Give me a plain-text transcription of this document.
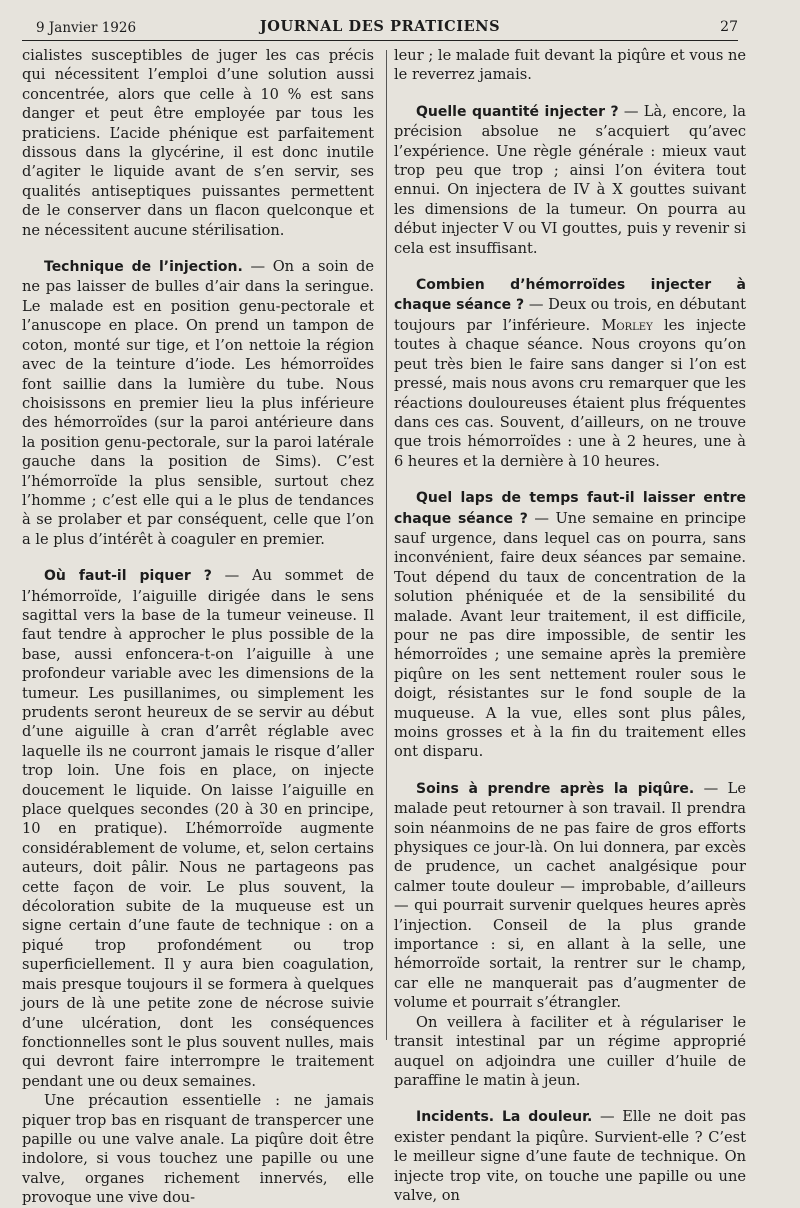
9 Janvier 1926	JOURNAL DES PRATICIENS	27

cialistes susceptibles de juger les cas précis qui nécessitent l’emploi d’une solution aussi concentrée, alors que celle à 10 % est sans danger et peut être employée par tous les praticiens. L’acide phénique est parfaitement dissous dans la glycérine, il est donc inutile d’agiter le liquide avant de s’en servir, ses qualités antiseptiques puissantes permettent de le conserver dans un flacon quelconque et ne nécessitent aucune stérilisation.

Technique de l’injection. — On a soin de ne pas laisser de bulles d’air dans la seringue. Le malade est en position genu-pectorale et l’anuscope en place. On prend un tampon de coton, monté sur tige, et l’on nettoie la région avec de la teinture d’iode. Les hémorroïdes font saillie dans la lumière du tube. Nous choisissons en premier lieu la plus inférieure des hémorroïdes (sur la paroi antérieure dans la position genu-pectorale, sur la paroi latérale gauche dans la position de Sims). C’est l’hémorroïde la plus sensible, surtout chez l’homme ; c’est elle qui a le plus de tendances à se prolaber et par conséquent, celle que l’on a le plus d’intérêt à coaguler en premier.

Où faut-il piquer ? — Au sommet de l’hémorroïde, l’aiguille dirigée dans le sens sagittal vers la base de la tumeur veineuse. Il faut tendre à approcher le plus possible de la base, aussi enfoncera-t-on l’aiguille à une profondeur variable avec les dimensions de la tumeur. Les pusillanimes, ou simplement les prudents seront heureux de se servir au début d’une aiguille à cran d’arrêt réglable avec laquelle ils ne courront jamais le risque d’aller trop loin. Une fois en place, on injecte doucement le liquide. On laisse l’aiguille en place quelques secondes (20 à 30 en principe, 10 en pratique). L’hémorroïde augmente considérablement de volume, et, selon certains auteurs, doit pâlir. Nous ne partageons pas cette façon de voir. Le plus souvent, la décoloration subite de la muqueuse est un signe certain d’une faute de technique : on a piqué trop profondément ou trop superficiellement. Il y aura bien coagulation, mais presque toujours il se formera à quelques jours de là une petite zone de nécrose suivie d’une ulcération, dont les conséquences fonctionnelles sont le plus souvent nulles, mais qui devront faire interrompre le traitement pendant une ou deux semaines.

Une précaution essentielle : ne jamais piquer trop bas en risquant de transpercer une papille ou une valve anale. La piqûre doit être indolore, si vous touchez une papille ou une valve, organes richement innervés, elle provoque une vive dou-

leur ; le malade fuit devant la piqûre et vous ne le reverrez jamais.

Quelle quantité injecter ? — Là, encore, la précision absolue ne s’acquiert qu’avec l’expérience. Une règle générale : mieux vaut trop peu que trop ; ainsi l’on évitera tout ennui. On injectera de IV à X gouttes suivant les dimensions de la tumeur. On pourra au début injecter V ou VI gouttes, puis y revenir si cela est insuffisant.

Combien d’hémorroïdes injecter à chaque séance ? — Deux ou trois, en débutant toujours par l’inférieure. Morley les injecte toutes à chaque séance. Nous croyons qu’on peut très bien le faire sans danger si l’on est pressé, mais nous avons cru remarquer que les réactions douloureuses étaient plus fréquentes dans ces cas. Souvent, d’ailleurs, on ne trouve que trois hémorroïdes : une à 2 heures, une à 6 heures et la dernière à 10 heures.

Quel laps de temps faut-il laisser entre chaque séance ? — Une semaine en principe sauf urgence, dans lequel cas on pourra, sans inconvénient, faire deux séances par semaine. Tout dépend du taux de concentration de la solution phéniquée et de la sensibilité du malade. Avant leur traitement, il est difficile, pour ne pas dire impossible, de sentir les hémorroïdes ; une semaine après la première piqûre on les sent nettement rouler sous le doigt, résistantes sur le fond souple de la muqueuse. A la vue, elles sont plus pâles, moins grosses et à la fin du traitement elles ont disparu.

Soins à prendre après la piqûre. — Le malade peut retourner à son travail. Il prendra soin néanmoins de ne pas faire de gros efforts physiques ce jour-là. On lui donnera, par excès de prudence, un cachet analgésique pour calmer toute douleur — improbable, d’ailleurs — qui pourrait survenir quelques heures après l’injection. Conseil de la plus grande importance : si, en allant à la selle, une hémorroïde sortait, la rentrer sur le champ, car elle ne manquerait pas d’augmenter de volume et pourrait s’étrangler.

On veillera à faciliter et à régulariser le transit intestinal par un régime approprié auquel on adjoindra une cuiller d’huile de paraffine le matin à jeun.

Incidents. La douleur. — Elle ne doit pas exister pendant la piqûre. Survient-elle ? C’est le meilleur signe d’une faute de technique. On injecte trop vite, on touche une papille ou une valve, on
